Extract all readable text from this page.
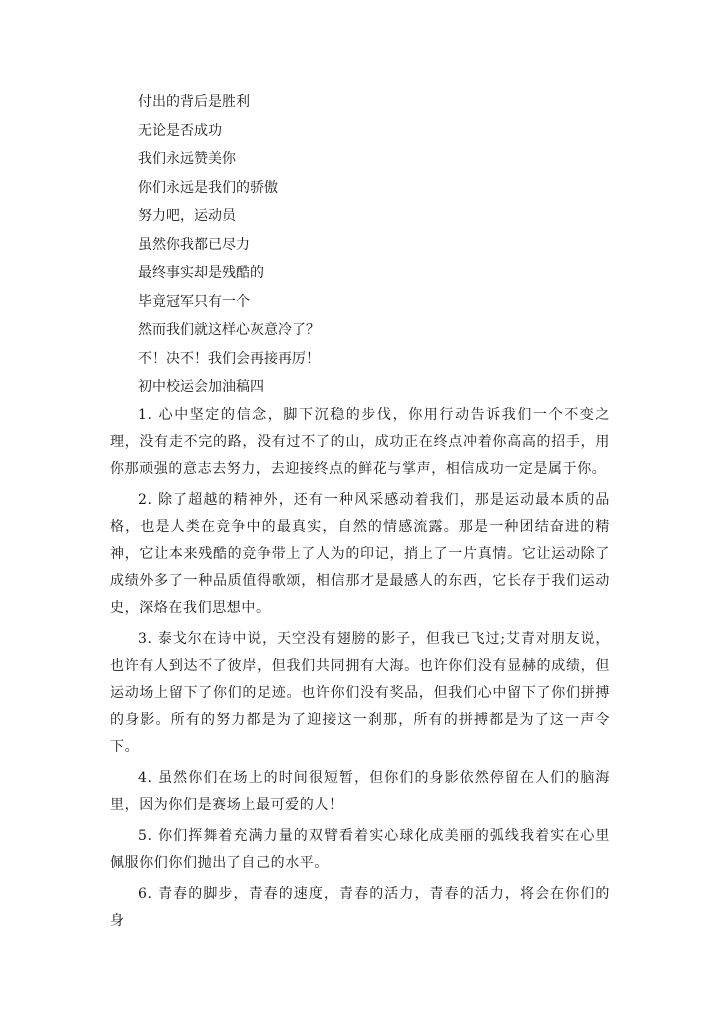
付出的背后是胜利
无论是否成功
我们永远赞美你
你们永远是我们的骄傲
努力吧，运动员
虽然你我都已尽力
最终事实却是残酷的
毕竟冠军只有一个
然而我们就这样心灰意冷了？
不！决不！我们会再接再厉！
初中校运会加油稿四

1. 心中坚定的信念，脚下沉稳的步伐，你用行动告诉我们一个不变之理，没有走不完的路，没有过不了的山，成功正在终点冲着你高高的招手，用你那顽强的意志去努力，去迎接终点的鲜花与掌声，相信成功一定是属于你。

2. 除了超越的精神外，还有一种风采感动着我们，那是运动最本质的品格，也是人类在竞争中的最真实，自然的情感流露。那是一种团结奋进的精神，它让本来残酷的竞争带上了人为的印记，捎上了一片真情。它让运动除了成绩外多了一种品质值得歌颂，相信那才是最感人的东西，它长存于我们运动史，深烙在我们思想中。

3. 泰戈尔在诗中说，天空没有翅膀的影子，但我已飞过;艾青对朋友说，也许有人到达不了彼岸，但我们共同拥有大海。也许你们没有显赫的成绩，但运动场上留下了你们的足迹。也许你们没有奖品，但我们心中留下了你们拼搏的身影。所有的努力都是为了迎接这一刹那，所有的拼搏都是为了这一声令下。

4. 虽然你们在场上的时间很短暂，但你们的身影依然停留在人们的脑海里，因为你们是赛场上最可爱的人！

5. 你们挥舞着充满力量的双臂看着实心球化成美丽的弧线我着实在心里佩服你们你们抛出了自己的水平。

6. 青春的脚步，青春的速度，青春的活力，青春的活力，将会在你们的身
